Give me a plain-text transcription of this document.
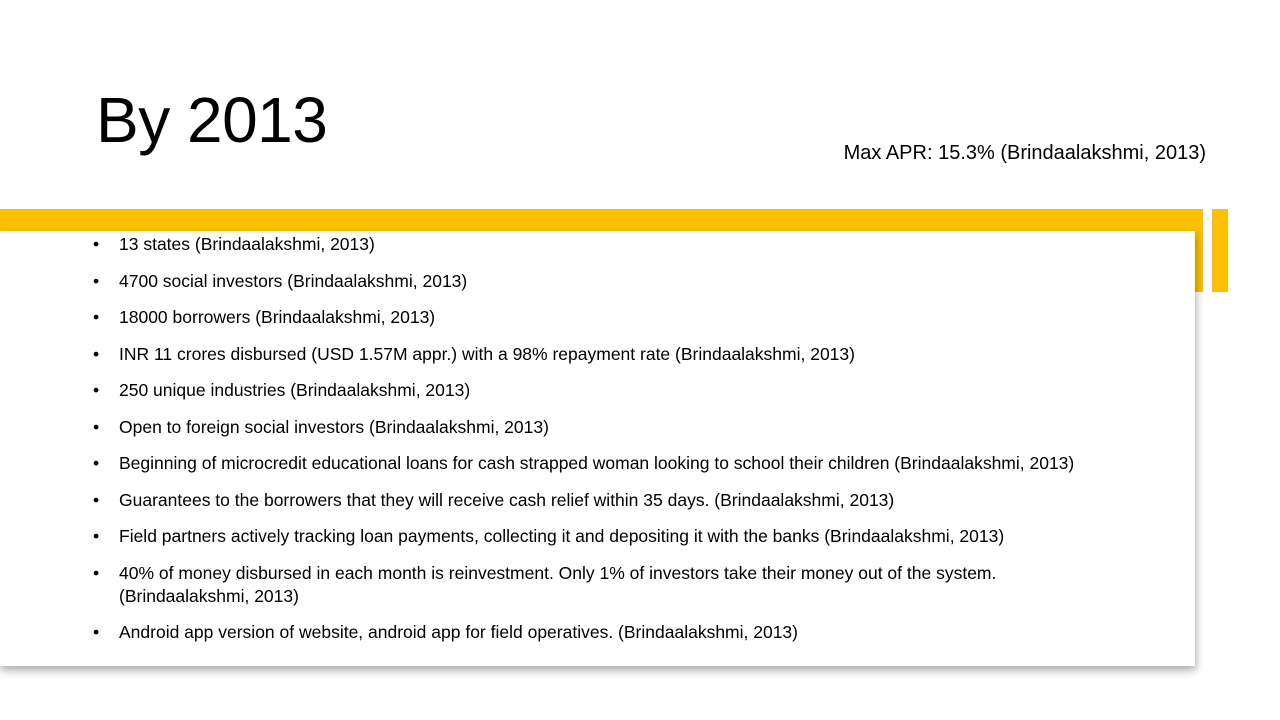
By 2013	Max APR: 15.3% (Brindaalakshmi, 2013)
• 13 states (Brindaalakshmi, 2013)
• 4700 social investors (Brindaalakshmi, 2013)
• 18000 borrowers (Brindaalakshmi, 2013)
• INR 11 crores disbursed (USD 1.57M appr.) with a 98% repayment rate (Brindaalakshmi, 2013)
• 250 unique industries (Brindaalakshmi, 2013)
• Open to foreign social investors (Brindaalakshmi, 2013)
• Beginning of microcredit educational loans for cash strapped woman looking to school their children (Brindaalakshmi, 2013)
• Guarantees to the borrowers that they will receive cash relief within 35 days. (Brindaalakshmi, 2013)
• Field partners actively tracking loan payments, collecting it and depositing it with the banks (Brindaalakshmi, 2013)
• 40% of money disbursed in each month is reinvestment. Only 1% of investors take their money out of the system. (Brindaalakshmi, 2013)
• Android app version of website, android app for field operatives. (Brindaalakshmi, 2013)
